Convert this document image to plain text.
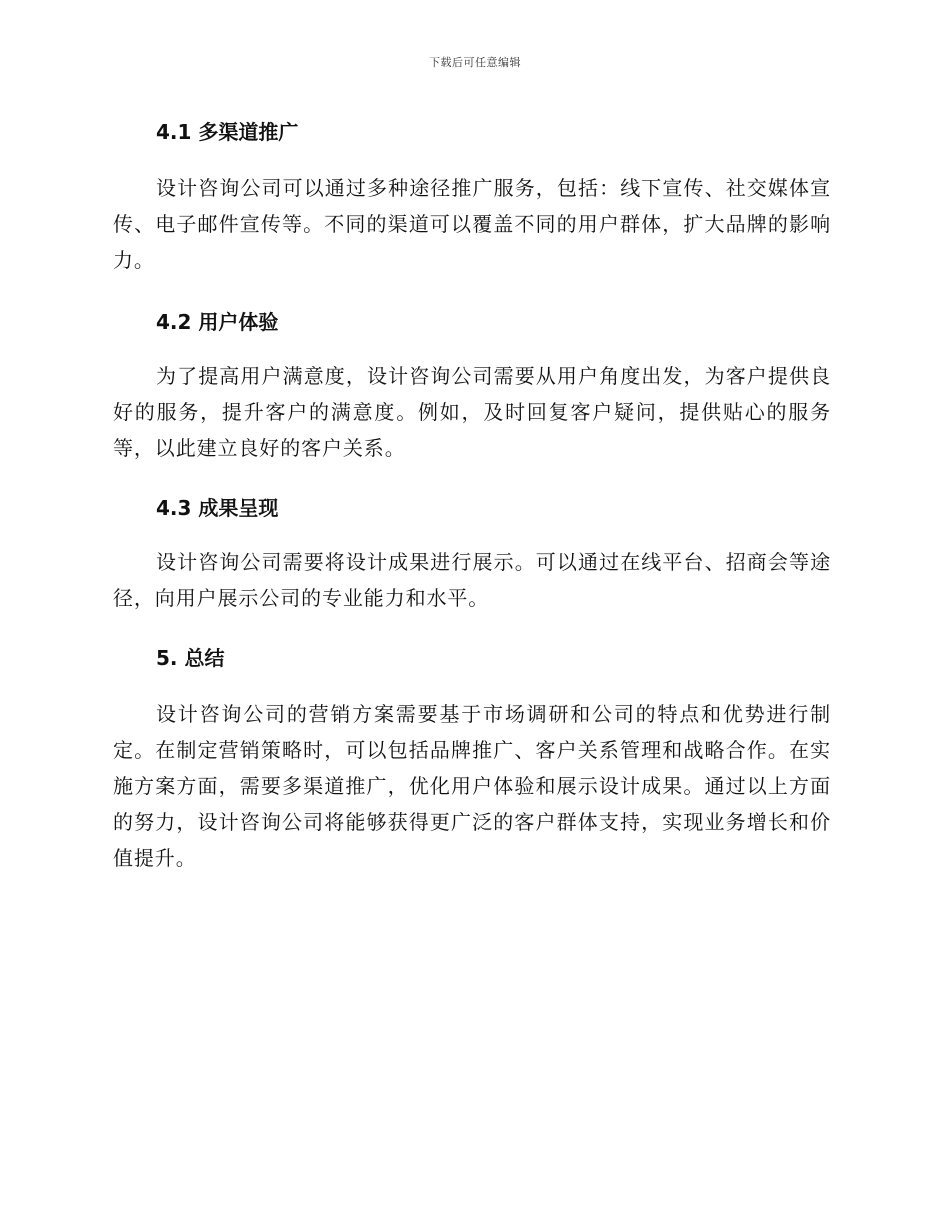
下载后可任意编辑
4.1 多渠道推广

设计咨询公司可以通过多种途径推广服务，包括：线下宣传、社交媒体宣传、电子邮件宣传等。不同的渠道可以覆盖不同的用户群体，扩大品牌的影响力。

4.2 用户体验

为了提高用户满意度，设计咨询公司需要从用户角度出发，为客户提供良好的服务，提升客户的满意度。例如，及时回复客户疑问，提供贴心的服务等，以此建立良好的客户关系。

4.3 成果呈现

设计咨询公司需要将设计成果进行展示。可以通过在线平台、招商会等途径，向用户展示公司的专业能力和水平。

5. 总结

设计咨询公司的营销方案需要基于市场调研和公司的特点和优势进行制定。在制定营销策略时，可以包括品牌推广、客户关系管理和战略合作。在实施方案方面，需要多渠道推广，优化用户体验和展示设计成果。通过以上方面的努力，设计咨询公司将能够获得更广泛的客户群体支持，实现业务增长和价值提升。
